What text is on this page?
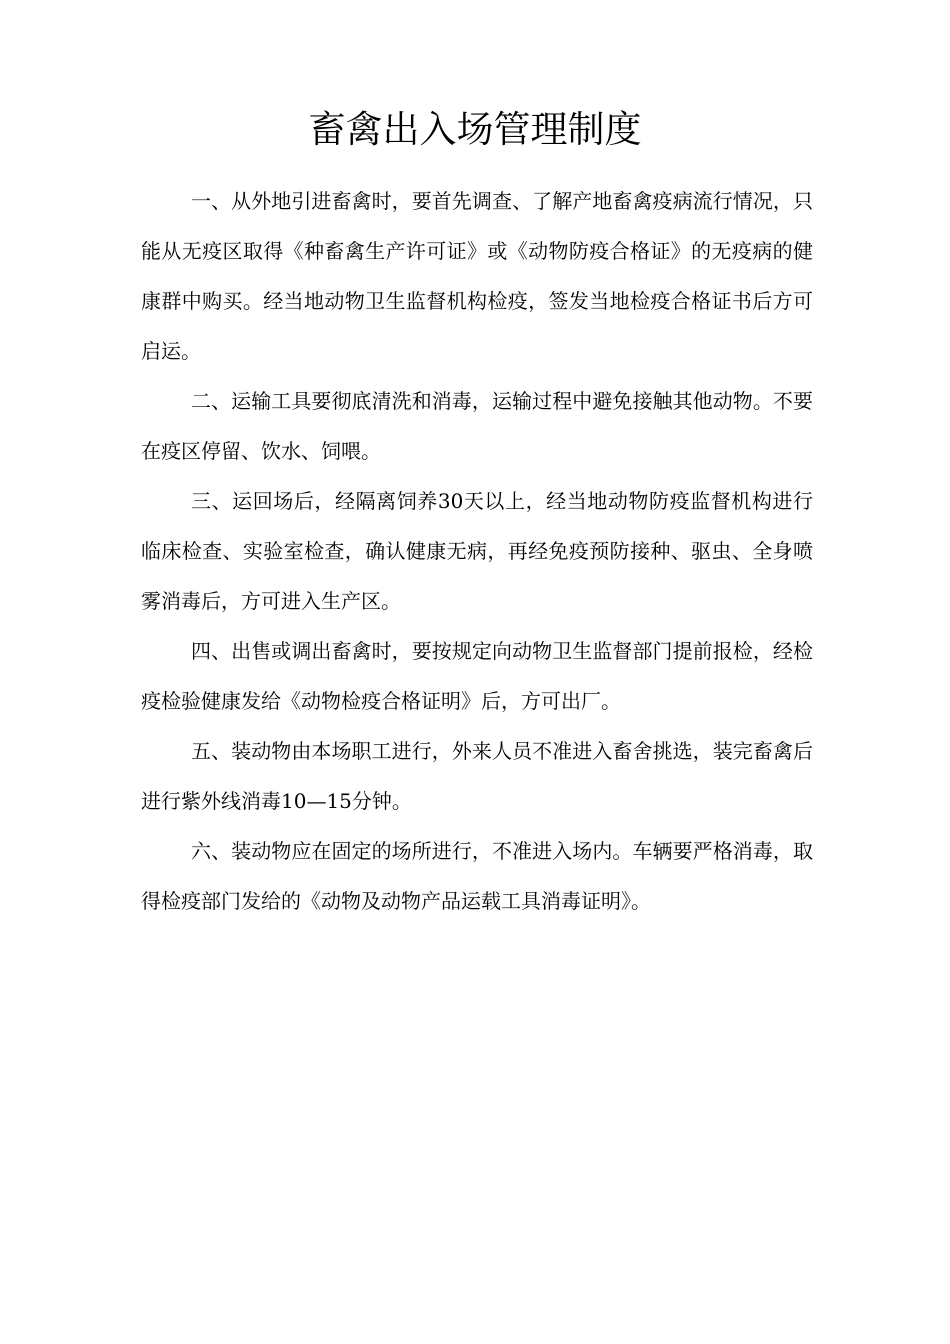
畜禽出入场管理制度

一、从外地引进畜禽时，要首先调查、了解产地畜禽疫病流行情况，只能从无疫区取得《种畜禽生产许可证》或《动物防疫合格证》的无疫病的健康群中购买。经当地动物卫生监督机构检疫，签发当地检疫合格证书后方可启运。

二、运输工具要彻底清洗和消毒，运输过程中避免接触其他动物。不要在疫区停留、饮水、饲喂。

三、运回场后，经隔离饲养30天以上，经当地动物防疫监督机构进行临床检查、实验室检查，确认健康无病，再经免疫预防接种、驱虫、全身喷雾消毒后，方可进入生产区。

四、出售或调出畜禽时，要按规定向动物卫生监督部门提前报检，经检疫检验健康发给《动物检疫合格证明》后，方可出厂。

五、装动物由本场职工进行，外来人员不准进入畜舍挑选，装完畜禽后进行紫外线消毒10—15分钟。

六、装动物应在固定的场所进行，不准进入场内。车辆要严格消毒，取得检疫部门发给的《动物及动物产品运载工具消毒证明》。
